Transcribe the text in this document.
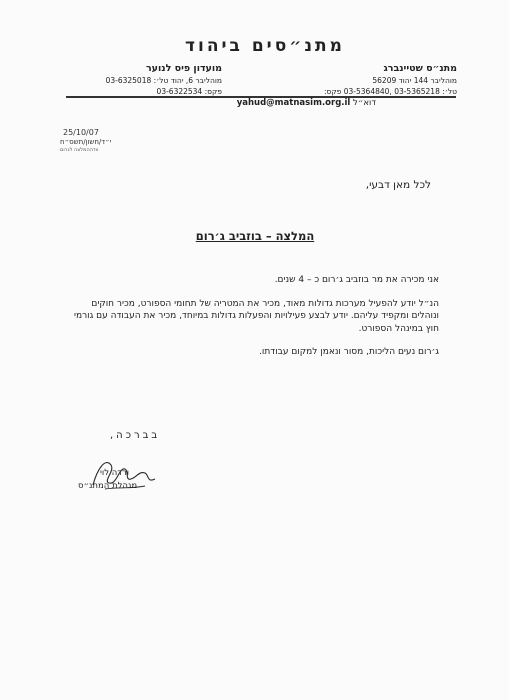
מתנ״סים ביהוד
מתנ״ס שטיינברג
מוהליבר 144 יהוד 56209
טל׳: 03-5365218 ,03-5364840 פקס:
מועדון פיס לנוער
מוהליבר 6, יהוד טל׳: 03-6325018
פקס: 03-6322534
דוא״ל yahud@matnasim.org.il
25/10/07
י״ד/חשון/תשס״ח
וודההמלצה לגרום
לכל מאן דבעי,
המלצה – בוזביב ג׳רום

אני מכירה את מר בוזביב ג׳רום כ – 4 שנים.

הנ״ל יודע להפעיל מערכות גדולות מאוד, מכיר את המטריה של תחומי הספורט, מכיר חוקים ונוהלים ומקפיד עליהם. יודע לבצע פעילויות והפעלות גדולות במיוחד, מכיר את העבודה עם גורמי חוץ במינהל הספורט.

ג׳רום נעים הליכות, מסור ונאמן למקום עבודתו.

בברכה,
ורדה לוי
מנהלת המתנ״ס
